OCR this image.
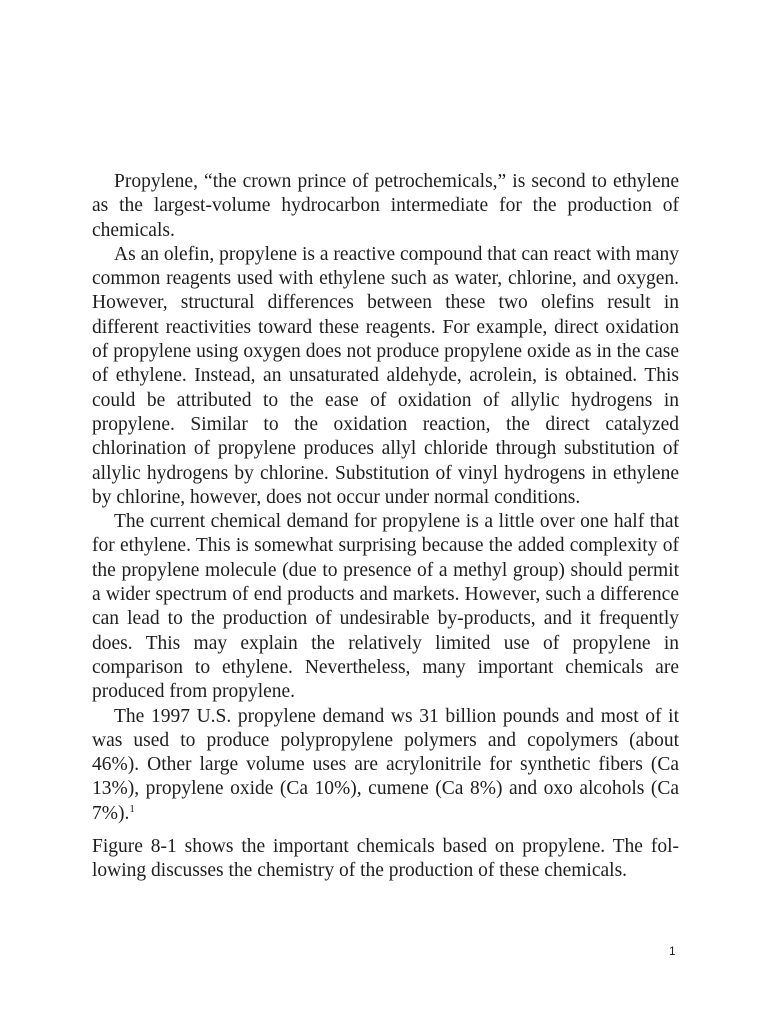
Propylene, “the crown prince of petrochemicals,” is second to ethylene as the largest-volume hydrocarbon intermediate for the production of chemicals.

As an olefin, propylene is a reactive compound that can react with many common reagents used with ethylene such as water, chlorine, and oxygen. However, structural differences between these two olefins result in different reactivities toward these reagents. For example, direct oxidation of propylene using oxygen does not produce propylene oxide as in the case of ethylene. Instead, an unsaturated aldehyde, acrolein, is obtained. This could be attributed to the ease of oxidation of allylic hydrogens in propylene. Similar to the oxidation reaction, the direct catalyzed chlorination of propylene produces allyl chloride through substitution of allylic hydrogens by chlorine. Substitution of vinyl hydrogens in ethylene by chlorine, however, does not occur under normal conditions.

The current chemical demand for propylene is a little over one half that for ethylene. This is somewhat surprising because the added complexity of the propylene molecule (due to presence of a methyl group) should permit a wider spectrum of end products and markets. However, such a difference can lead to the production of undesirable by-products, and it frequently does. This may explain the relatively limited use of propylene in comparison to ethylene. Nevertheless, many important chemicals are produced from propylene.

The 1997 U.S. propylene demand ws 31 billion pounds and most of it was used to produce polypropylene polymers and copolymers (about 46%). Other large volume uses are acrylonitrile for synthetic fibers (Ca 13%), propylene oxide (Ca 10%), cumene (Ca 8%) and oxo alcohols (Ca 7%).$^1$

Figure 8-1 shows the important chemicals based on propylene. The following discusses the chemistry of the production of these chemicals.

1
